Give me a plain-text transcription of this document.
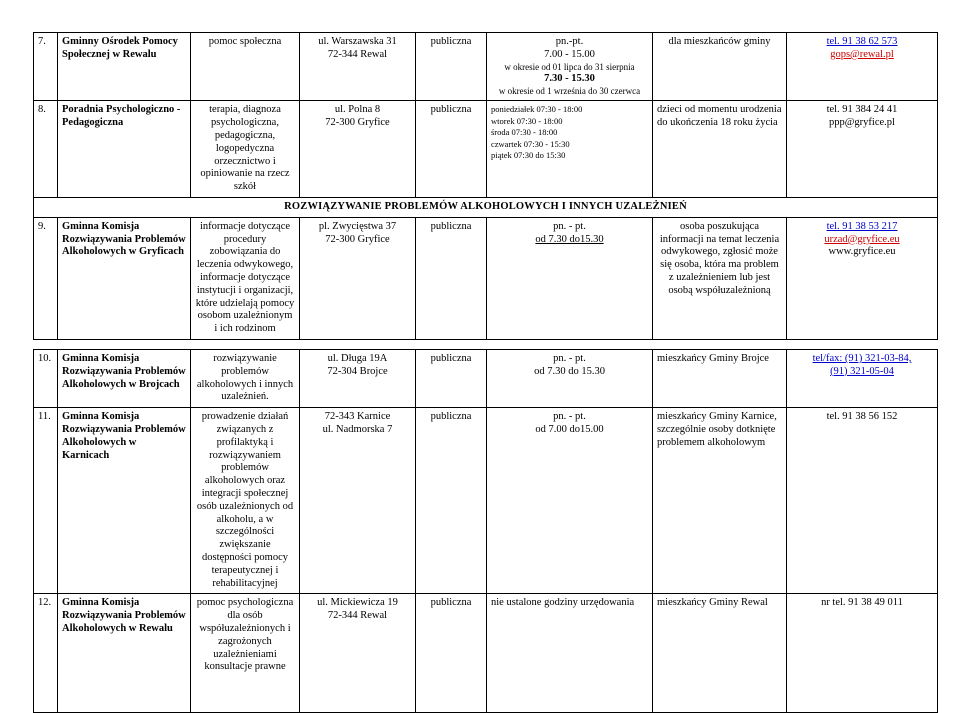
7.	Gminny Ośrodek Pomocy Społecznej w Rewalu	pomoc społeczna	ul. Warszawska 31
72-344 Rewal
	publiczna	pn.-pt.
7.00 - 15.00
w okresie od 01 lipca do 31 sierpnia
7.30 - 15.30
w okresie od 1 września do 30 czerwca
	dla mieszkańców gminy	tel. 91 38 62 573
gops@rewal.pl

8.	Poradnia Psychologiczno - Pedagogiczna	terapia, diagnoza psychologiczna, pedagogiczna, logopedyczna orzecznictwo i opiniowanie na rzecz szkół	
ul. Polna 8
72-300 Gryfice
	publiczna	poniedziałek 07:30 - 18:00
wtorek 07:30 - 18:00
środa 07:30 - 18:00
czwartek 07:30 - 15:30
piątek 07:30 do 15:30
	dzieci od momentu urodzenia do ukończenia 18 roku życia	
tel. 91 384 24 41
ppp@gryfice.pl

ROZWIĄZYWANIE PROBLEMÓW ALKOHOLOWYCH I INNYCH UZALEŻNIEŃ							
9.	Gminna Komisja Rozwiązywania Problemów Alkoholowych w Gryficach	informacje dotyczące procedury zobowiązania do leczenia odwykowego, informacje dotyczące instytucji i organizacji, które udzielają pomocy osobom uzależnionym i ich rodzinom	
pl. Zwycięstwa 37
72-300 Gryfice
	publiczna	pn. - pt.
od 7.30 do15.30
	osoba poszukująca informacji na temat leczenia odwykowego, zgłosić może się osoba, która ma problem z uzależnieniem lub jest osobą współuzależnioną	
tel. 91 38 53 217
urzad@gryfice.eu
www.gryfice.eu
10.	Gminna Komisja Rozwiązywania Problemów Alkoholowych w Brojcach	rozwiązywanie problemów alkoholowych i innych uzależnień.	
ul. Długa 19A
72-304 Brojce
	publiczna	pn. - pt.
od 7.30 do 15.30
	mieszkańcy Gminy Brojce	tel/fax: (91) 321-03-84,
(91) 321-05-04

11.	Gminna Komisja Rozwiązywania Problemów Alkoholowych w Karnicach	prowadzenie działań związanych z profilaktyką i rozwiązywaniem problemów alkoholowych oraz integracji społecznej osób uzależnionych od alkoholu, a w szczególności zwiększanie dostępności pomocy terapeutycznej i rehabilitacyjnej	
72-343 Karnice
ul. Nadmorska 7
	publiczna	pn. - pt.
od 7.00 do15.00
	mieszkańcy Gminy Karnice, szczególnie osoby dotknięte problemem alkoholowym	
tel. 91 38 56 152

12.	Gminna Komisja Rozwiązywania Problemów Alkoholowych w Rewalu	pomoc psychologiczna dla osób współuzależnionych i zagrożonych uzależnieniami konsultacje prawne	ul. Mickiewicza 19
72-344 Rewal	publiczna	nie ustalone godziny urzędowania	mieszkańcy Gminy Rewal	nr tel. 91 38 49 011
